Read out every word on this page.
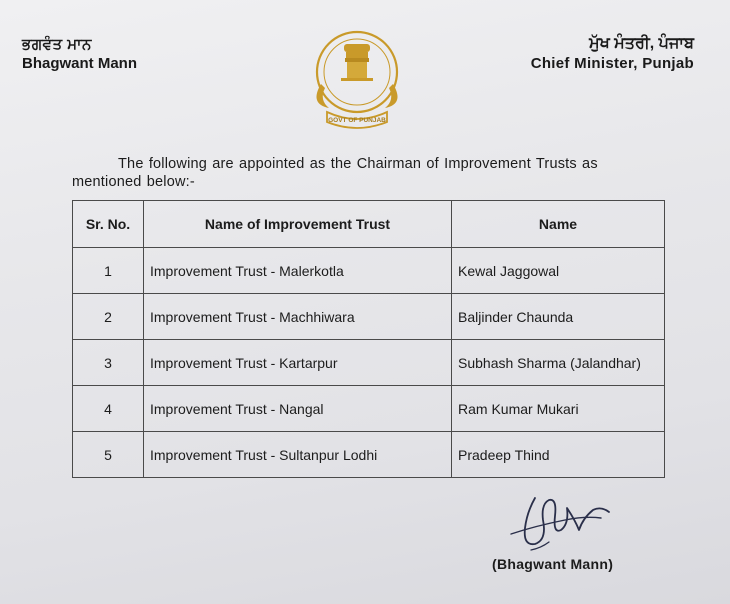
ਭਗਵੰਤ ਮਾਨ
Bhagwant Mann
GOVT OF PUNJAB
ਮੁੱਖ ਮੰਤਰੀ, ਪੰਜਾਬ
Chief Minister, Punjab
The following are appointed as the Chairman of Improvement Trusts as mentioned below:-
Sr. No.	Name of Improvement Trust	Name
1	Improvement Trust - Malerkotla	Kewal Jaggowal
2	Improvement Trust - Machhiwara	Baljinder Chaunda
3	Improvement Trust - Kartarpur	Subhash Sharma (Jalandhar)
4	Improvement Trust - Nangal	Ram Kumar Mukari
5	Improvement Trust - Sultanpur Lodhi	Pradeep Thind
(Bhagwant Mann)
